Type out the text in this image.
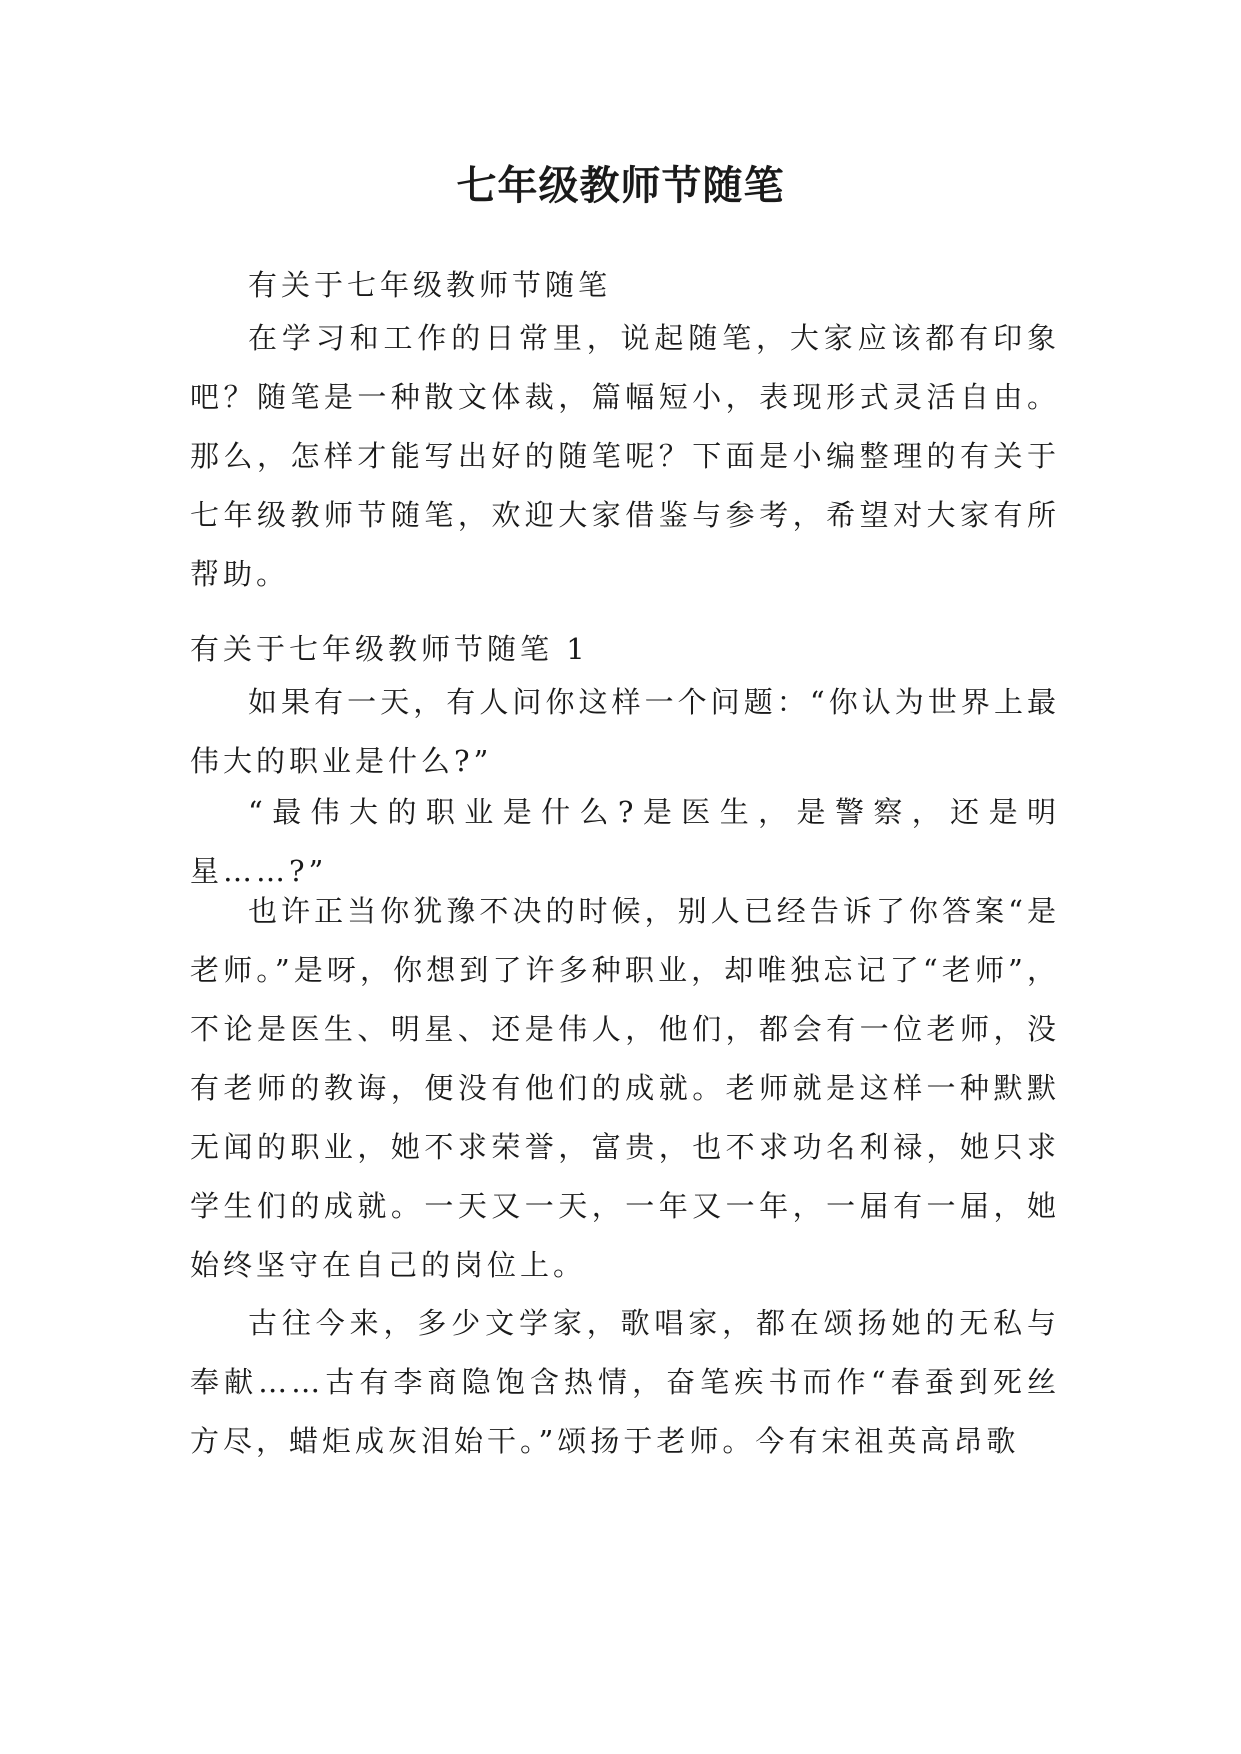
七年级教师节随笔

有关于七年级教师节随笔

在学习和工作的日常里，说起随笔，大家应该都有印象吧？随笔是一种散文体裁，篇幅短小，表现形式灵活自由。那么，怎样才能写出好的随笔呢？下面是小编整理的有关于七年级教师节随笔，欢迎大家借鉴与参考，希望对大家有所帮助。

有关于七年级教师节随笔 1

如果有一天，有人问你这样一个问题：“你认为世界上最伟大的职业是什么?”

“最伟大的职业是什么?是医生，是警察，还是明星……?”

也许正当你犹豫不决的时候，别人已经告诉了你答案“是老师。”是呀，你想到了许多种职业，却唯独忘记了“老师”，不论是医生、明星、还是伟人，他们，都会有一位老师，没有老师的教诲，便没有他们的成就。老师就是这样一种默默无闻的职业，她不求荣誉，富贵，也不求功名利禄，她只求学生们的成就。一天又一天，一年又一年，一届有一届，她始终坚守在自己的岗位上。

古往今来，多少文学家，歌唱家，都在颂扬她的无私与奉献……古有李商隐饱含热情，奋笔疾书而作“春蚕到死丝方尽，蜡炬成灰泪始干。”颂扬于老师。今有宋祖英高昂歌
